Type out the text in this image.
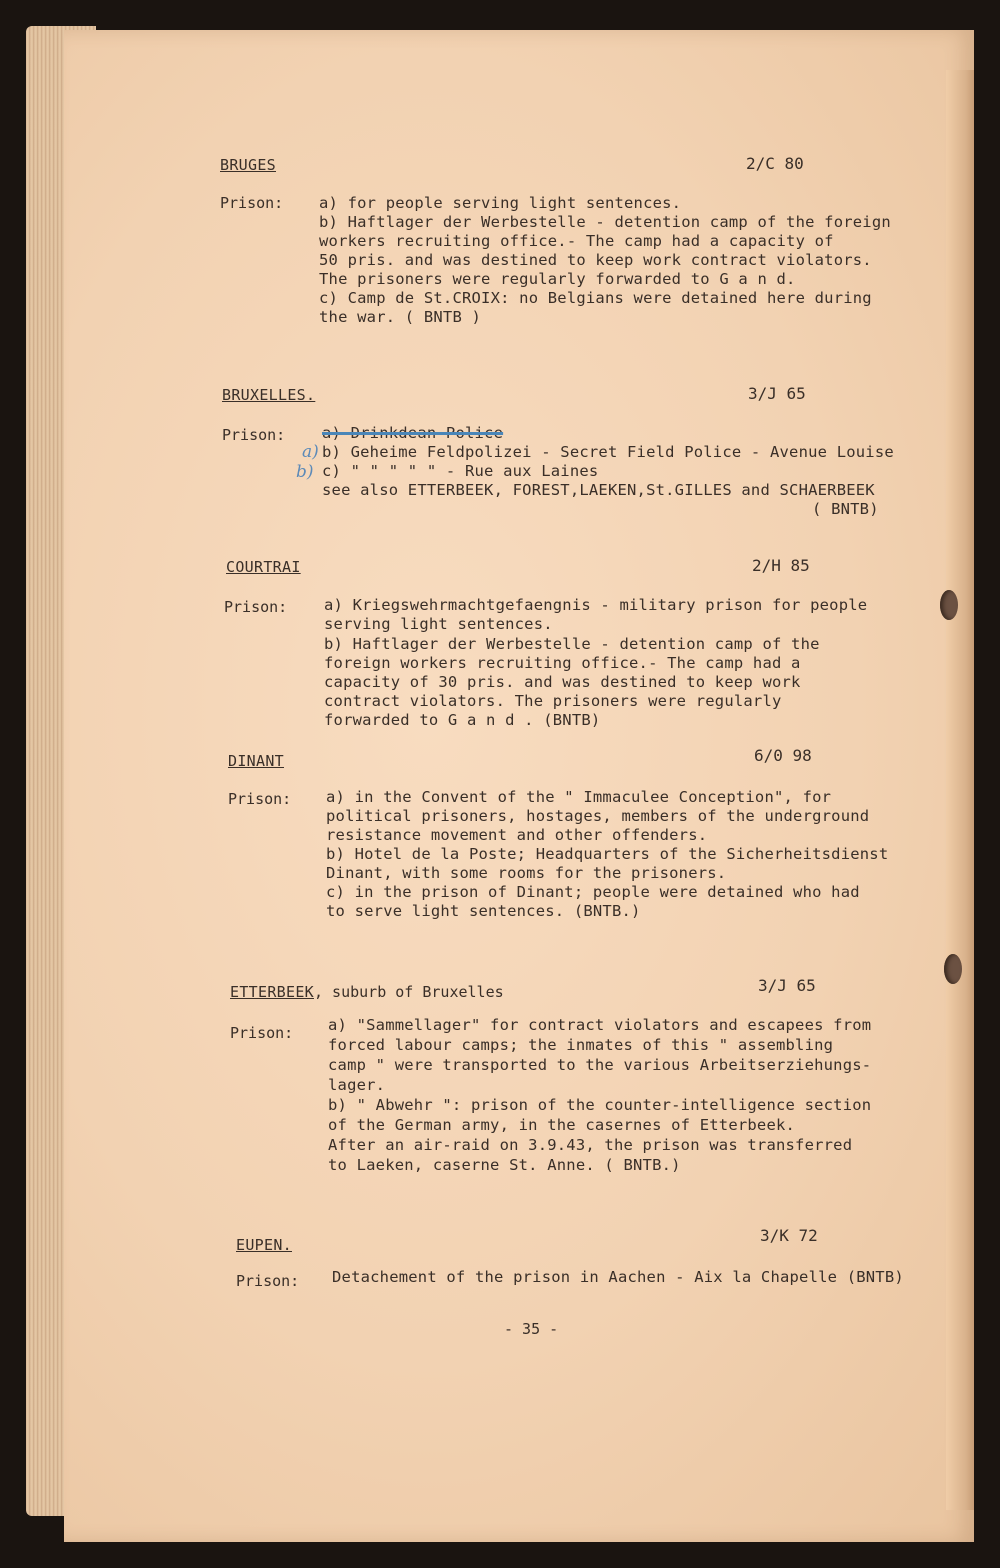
BRUGES	2/C 80
Prison: a) for people serving light sentences.
b) Haftlager der Werbestelle - detention camp of the foreign
workers recruiting office.- The camp had a capacity of
50 pris. and was destined to keep work contract violators.
The prisoners were regularly forwarded to G a n d.
c) Camp de St.CROIX: no Belgians were detained here during
the war. ( BNTB )
BRUXELLES.	3/J 65
Prison: a) Drinkdean Police
a)
b)
b) Geheime Feldpolizei - Secret Field Police - Avenue Louise
c) " " " " " - Rue aux Laines
see also ETTERBEEK, FOREST,LAEKEN,St.GILLES and SCHAERBEEK
( BNTB)
COURTRAI	2/H 85
Prison: a) Kriegswehrmachtgefaengnis - military prison for people
serving light sentences.
b) Haftlager der Werbestelle - detention camp of the
foreign workers recruiting office.- The camp had a
capacity of 30 pris. and was destined to keep work
contract violators. The prisoners were regularly
forwarded to G a n d . (BNTB)
DINANT	6/0 98
Prison: a) in the Convent of the " Immaculee Conception", for
political prisoners, hostages, members of the underground
resistance movement and other offenders.
b) Hotel de la Poste; Headquarters of the Sicherheitsdienst
Dinant, with some rooms for the prisoners.
c) in the prison of Dinant; people were detained who had
to serve light sentences. (BNTB.)
ETTERBEEK, suburb of Bruxelles	3/J 65
Prison: a) "Sammellager" for contract violators and escapees from
forced labour camps; the inmates of this " assembling
camp " were transported to the various Arbeitserziehungs-
lager.
b) " Abwehr ": prison of the counter-intelligence section
of the German army, in the casernes of Etterbeek.
After an air-raid on 3.9.43, the prison was transferred
to Laeken, caserne St. Anne. ( BNTB.)
EUPEN.	3/K 72
Prison: Detachement of the prison in Aachen - Aix la Chapelle (BNTB)
- 35 -
